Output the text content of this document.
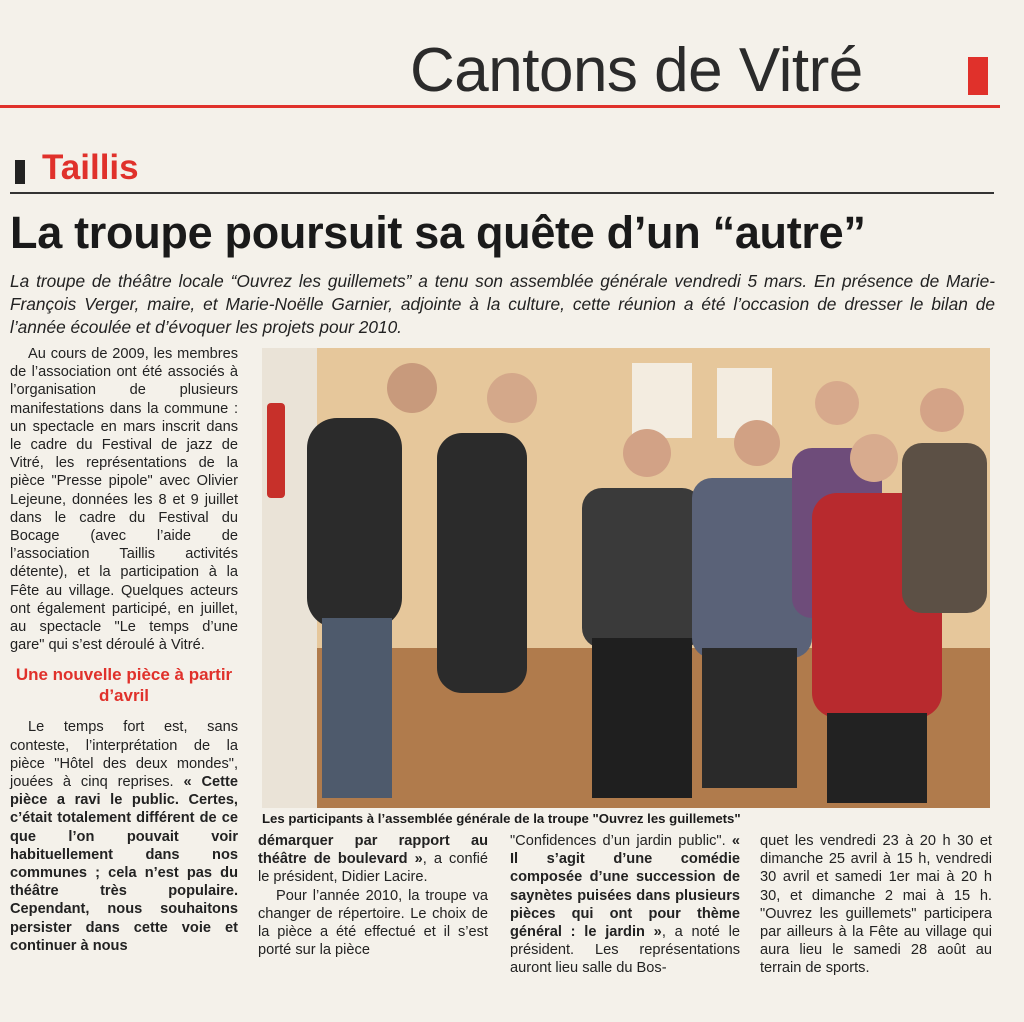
Cantons de Vitré
Taillis
La troupe poursuit sa quête d’un “autre”
La troupe de théâtre locale “Ouvrez les guillemets” a tenu son assemblée générale vendredi 5 mars. En présence de Marie-François Verger, maire, et Marie-Noëlle Garnier, adjointe à la culture, cette réunion a été l’occasion de dresser le bilan de l’année écoulée et d’évoquer les projets pour 2010.

Au cours de 2009, les membres de l’association ont été associés à l’organisation de plusieurs manifestations dans la commune : un spectacle en mars inscrit dans le cadre du Festival de jazz de Vitré, les représentations de la pièce "Presse pipole" avec Olivier Lejeune, données les 8 et 9 juillet dans le cadre du Festival du Bocage (avec l’aide de l’association Taillis activités détente), et la participation à la Fête au village. Quelques acteurs ont également participé, en juillet, au spectacle "Le temps d’une gare" qui s’est déroulé à Vitré.

Une nouvelle pièce à partir d’avril

Le temps fort est, sans conteste, l’interprétation de la pièce "Hôtel des deux mondes", jouées à cinq reprises. « Cette pièce a ravi le public. Certes, c’était totalement différent de ce que l’on pouvait voir habituellement dans nos communes ; cela n’est pas du théâtre très populaire. Cependant, nous souhaitons persister dans cette voie et continuer à nous

Les participants à l’assemblée générale de la troupe "Ouvrez les guillemets"

démarquer par rapport au théâtre de boulevard », a confié le président, Didier Lacire.

Pour l’année 2010, la troupe va changer de répertoire. Le choix de la pièce a été effectué et il s’est porté sur la pièce

"Confidences d’un jardin public". « Il s’agit d’une comédie composée d’une succession de saynètes puisées dans plusieurs pièces qui ont pour thème général : le jardin », a noté le président. Les représentations auront lieu salle du Bos-

quet les vendredi 23 à 20 h 30 et dimanche 25 avril à 15 h, vendredi 30 avril et samedi 1er mai à 20 h 30, et dimanche 2 mai à 15 h. "Ouvrez les guillemets" participera par ailleurs à la Fête au village qui aura lieu le samedi 28 août au terrain de sports.
